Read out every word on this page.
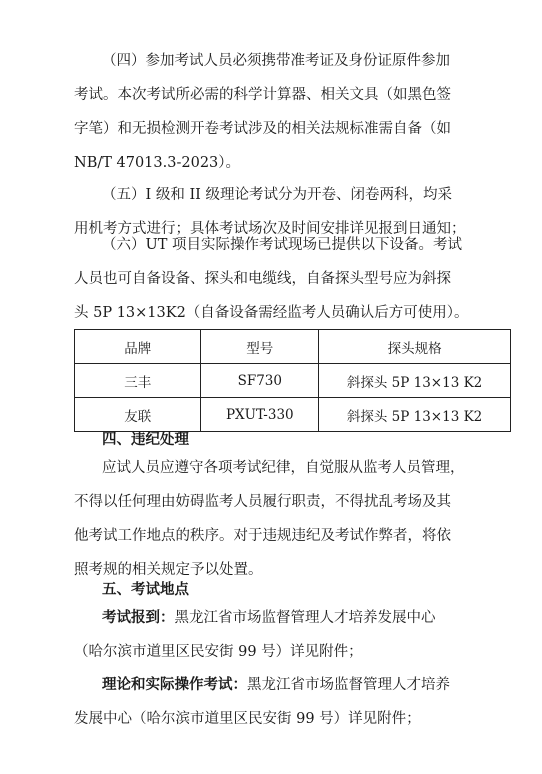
（四）参加考试人员必须携带准考证及身份证原件参加
考试。本次考试所必需的科学计算器、相关文具（如黑色签
字笔）和无损检测开卷考试涉及的相关法规标准需自备（如
NB/T 47013.3-2023）。
（五）I 级和 II 级理论考试分为开卷、闭卷两科，均采
用机考方式进行；具体考试场次及时间安排详见报到日通知；
（六）UT 项目实际操作考试现场已提供以下设备。考试
人员也可自备设备、探头和电缆线，自备探头型号应为斜探
头 5P 13×13K2（自备设备需经监考人员确认后方可使用）。
品牌	型号	探头规格
三丰	SF730	斜探头 5P 13×13 K2
友联	PXUT-330	斜探头 5P 13×13 K2
四、违纪处理
应试人员应遵守各项考试纪律，自觉服从监考人员管理，
不得以任何理由妨碍监考人员履行职责，不得扰乱考场及其
他考试工作地点的秩序。对于违规违纪及考试作弊者，将依
照考规的相关规定予以处置。
五、考试地点
考试报到：黑龙江省市场监督管理人才培养发展中心
（哈尔滨市道里区民安街 99 号）详见附件；
理论和实际操作考试：黑龙江省市场监督管理人才培养
发展中心（哈尔滨市道里区民安街 99 号）详见附件；
